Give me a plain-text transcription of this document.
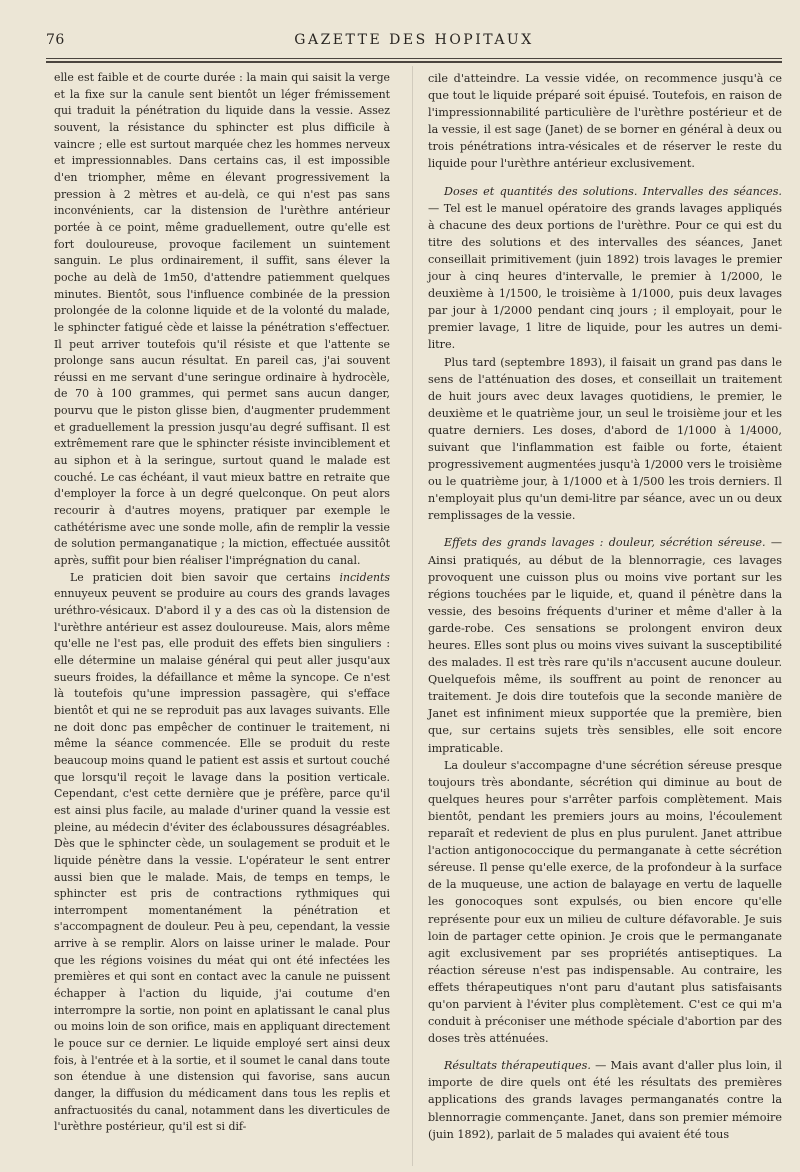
76	GAZETTE DES HOPITAUX

elle est faible et de courte durée : la main qui saisit la verge et la fixe sur la canule sent bientôt un léger frémissement qui traduit la pénétration du liquide dans la vessie. Assez souvent, la résistance du sphincter est plus difficile à vaincre ; elle est surtout marquée chez les hommes nerveux et impressionnables. Dans certains cas, il est impossible d'en triompher, même en élevant progressivement la pression à 2 mètres et au-delà, ce qui n'est pas sans inconvénients, car la distension de l'urèthre antérieur portée à ce point, même graduellement, outre qu'elle est fort douloureuse, provoque facilement un suintement sanguin. Le plus ordinairement, il suffit, sans élever la poche au delà de 1m50, d'attendre patiemment quelques minutes. Bientôt, sous l'influence combinée de la pression prolongée de la colonne liquide et de la volonté du malade, le sphincter fatigué cède et laisse la pénétration s'effectuer. Il peut arriver toutefois qu'il résiste et que l'attente se prolonge sans aucun résultat. En pareil cas, j'ai souvent réussi en me servant d'une seringue ordinaire à hydrocèle, de 70 à 100 grammes, qui permet sans aucun danger, pourvu que le piston glisse bien, d'augmenter prudemment et graduellement la pression jusqu'au degré suffisant. Il est extrêmement rare que le sphincter résiste invinciblement et au siphon et à la seringue, surtout quand le malade est couché. Le cas échéant, il vaut mieux battre en retraite que d'employer la force à un degré quelconque. On peut alors recourir à d'autres moyens, pratiquer par exemple le cathétérisme avec une sonde molle, afin de remplir la vessie de solution permanganatique ; la miction, effectuée aussitôt après, suffit pour bien réaliser l'imprégnation du canal.

Le praticien doit bien savoir que certains incidents ennuyeux peuvent se produire au cours des grands lavages uréthro-vésicaux. D'abord il y a des cas où la distension de l'urèthre antérieur est assez douloureuse. Mais, alors même qu'elle ne l'est pas, elle produit des effets bien singuliers : elle détermine un malaise général qui peut aller jusqu'aux sueurs froides, la défaillance et même la syncope. Ce n'est là toutefois qu'une impression passagère, qui s'efface bientôt et qui ne se reproduit pas aux lavages suivants. Elle ne doit donc pas empêcher de continuer le traitement, ni même la séance commencée. Elle se produit du reste beaucoup moins quand le patient est assis et surtout couché que lorsqu'il reçoit le lavage dans la position verticale. Cependant, c'est cette dernière que je préfère, parce qu'il est ainsi plus facile, au malade d'uriner quand la vessie est pleine, au médecin d'éviter des éclaboussures désagréables. Dès que le sphincter cède, un soulagement se produit et le liquide pénètre dans la vessie. L'opérateur le sent entrer aussi bien que le malade. Mais, de temps en temps, le sphincter est pris de contractions rythmiques qui interrompent momentanément la pénétration et s'accompagnent de douleur. Peu à peu, cependant, la vessie arrive à se remplir. Alors on laisse uriner le malade. Pour que les régions voisines du méat qui ont été infectées les premières et qui sont en contact avec la canule ne puissent échapper à l'action du liquide, j'ai coutume d'en interrompre la sortie, non point en aplatissant le canal plus ou moins loin de son orifice, mais en appliquant directement le pouce sur ce dernier. Le liquide employé sert ainsi deux fois, à l'entrée et à la sortie, et il soumet le canal dans toute son étendue à une distension qui favorise, sans aucun danger, la diffusion du médicament dans tous les replis et anfractuosités du canal, notamment dans les diverticules de l'urèthre postérieur, qu'il est si dif-

cile d'atteindre. La vessie vidée, on recommence jusqu'à ce que tout le liquide préparé soit épuisé. Toutefois, en raison de l'impressionnabilité particulière de l'urèthre postérieur et de la vessie, il est sage (Janet) de se borner en général à deux ou trois pénétrations intra-vésicales et de réserver le reste du liquide pour l'urèthre antérieur exclusivement.

Doses et quantités des solutions. Intervalles des séances. — Tel est le manuel opératoire des grands lavages appliqués à chacune des deux portions de l'urèthre. Pour ce qui est du titre des solutions et des intervalles des séances, Janet conseillait primitivement (juin 1892) trois lavages le premier jour à cinq heures d'intervalle, le premier à 1/2000, le deuxième à 1/1500, le troisième à 1/1000, puis deux lavages par jour à 1/2000 pendant cinq jours ; il employait, pour le premier lavage, 1 litre de liquide, pour les autres un demi-litre.

Plus tard (septembre 1893), il faisait un grand pas dans le sens de l'atténuation des doses, et conseillait un traitement de huit jours avec deux lavages quotidiens, le premier, le deuxième et le quatrième jour, un seul le troisième jour et les quatre derniers. Les doses, d'abord de 1/1000 à 1/4000, suivant que l'inflammation est faible ou forte, étaient progressivement augmentées jusqu'à 1/2000 vers le troisième ou le quatrième jour, à 1/1000 et à 1/500 les trois derniers. Il n'employait plus qu'un demi-litre par séance, avec un ou deux remplissages de la vessie.

Effets des grands lavages : douleur, sécrétion séreuse. — Ainsi pratiqués, au début de la blennorragie, ces lavages provoquent une cuisson plus ou moins vive portant sur les régions touchées par le liquide, et, quand il pénètre dans la vessie, des besoins fréquents d'uriner et même d'aller à la garde-robe. Ces sensations se prolongent environ deux heures. Elles sont plus ou moins vives suivant la susceptibilité des malades. Il est très rare qu'ils n'accusent aucune douleur. Quelquefois même, ils souffrent au point de renoncer au traitement. Je dois dire toutefois que la seconde manière de Janet est infiniment mieux supportée que la première, bien que, sur certains sujets très sensibles, elle soit encore impraticable.

La douleur s'accompagne d'une sécrétion séreuse presque toujours très abondante, sécrétion qui diminue au bout de quelques heures pour s'arrêter parfois complètement. Mais bientôt, pendant les premiers jours au moins, l'écoulement reparaît et redevient de plus en plus purulent. Janet attribue l'action antigonococcique du permanganate à cette sécrétion séreuse. Il pense qu'elle exerce, de la profondeur à la surface de la muqueuse, une action de balayage en vertu de laquelle les gonocoques sont expulsés, ou bien encore qu'elle représente pour eux un milieu de culture défavorable. Je suis loin de partager cette opinion. Je crois que le permanganate agit exclusivement par ses propriétés antiseptiques. La réaction séreuse n'est pas indispensable. Au contraire, les effets thérapeutiques n'ont paru d'autant plus satisfaisants qu'on parvient à l'éviter plus complètement. C'est ce qui m'a conduit à préconiser une méthode spéciale d'abortion par des doses très atténuées.

Résultats thérapeutiques. — Mais avant d'aller plus loin, il importe de dire quels ont été les résultats des premières applications des grands lavages permanganatés contre la blennorragie commençante. Janet, dans son premier mémoire (juin 1892), parlait de 5 malades qui avaient été tous
